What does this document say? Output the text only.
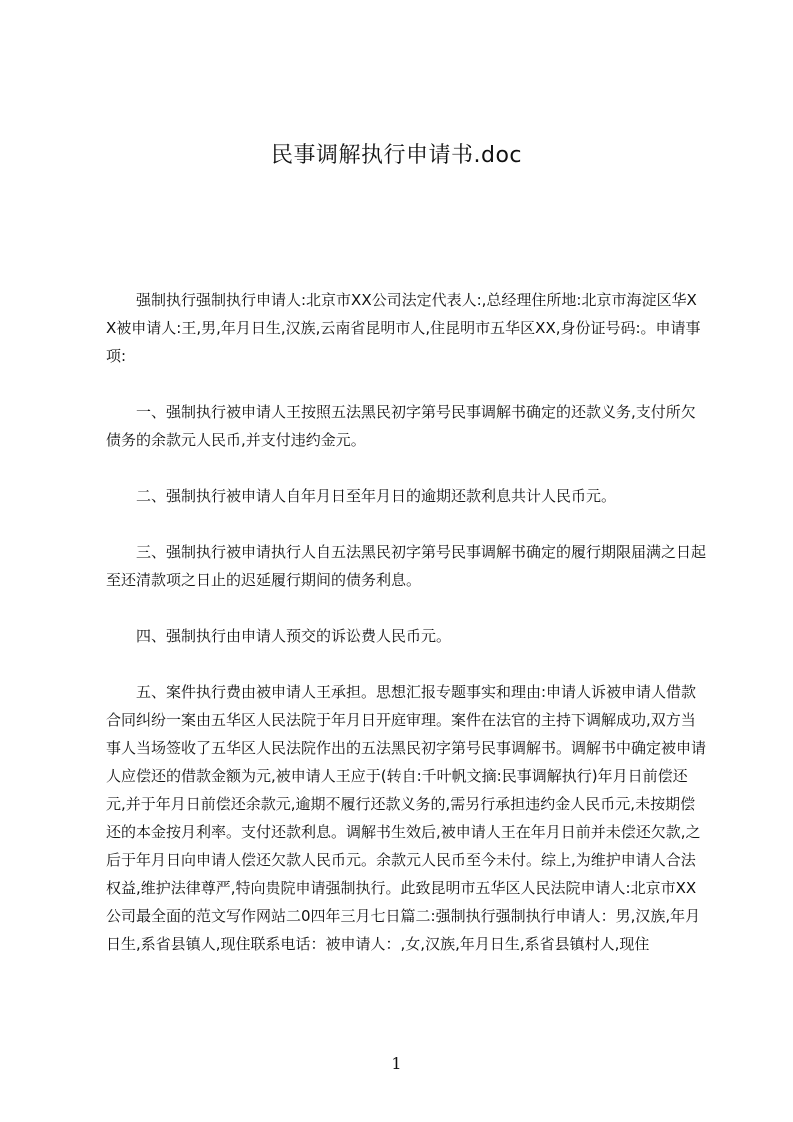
民事调解执行申请书.doc

强制执行强制执行申请人:北京市XX公司法定代表人:,总经理住所地:北京市海淀区华XX被申请人:王,男,年月日生,汉族,云南省昆明市人,住昆明市五华区XX,身份证号码:。申请事项:

一、强制执行被申请人王按照五法黑民初字第号民事调解书确定的还款义务,支付所欠债务的余款元人民币,并支付违约金元。

二、强制执行被申请人自年月日至年月日的逾期还款利息共计人民币元。

三、强制执行被申请执行人自五法黑民初字第号民事调解书确定的履行期限届满之日起至还清款项之日止的迟延履行期间的债务利息。

四、强制执行由申请人预交的诉讼费人民币元。

五、案件执行费由被申请人王承担。思想汇报专题事实和理由:申请人诉被申请人借款合同纠纷一案由五华区人民法院于年月日开庭审理。案件在法官的主持下调解成功,双方当事人当场签收了五华区人民法院作出的五法黑民初字第号民事调解书。调解书中确定被申请人应偿还的借款金额为元,被申请人王应于(转自:千叶帆文摘:民事调解执行)年月日前偿还元,并于年月日前偿还余款元,逾期不履行还款义务的,需另行承担违约金人民币元,未按期偿还的本金按月利率。支付还款利息。调解书生效后,被申请人王在年月日前并未偿还欠款,之后于年月日向申请人偿还欠款人民币元。余款元人民币至今未付。综上,为维护申请人合法权益,维护法律尊严,特向贵院申请强制执行。此致昆明市五华区人民法院申请人:北京市XX公司最全面的范文写作网站二0四年三月七日篇二:强制执行强制执行申请人：男,汉族,年月日生,系省县镇人,现住联系电话：被申请人：,女,汉族,年月日生,系省县镇村人,现住

1
